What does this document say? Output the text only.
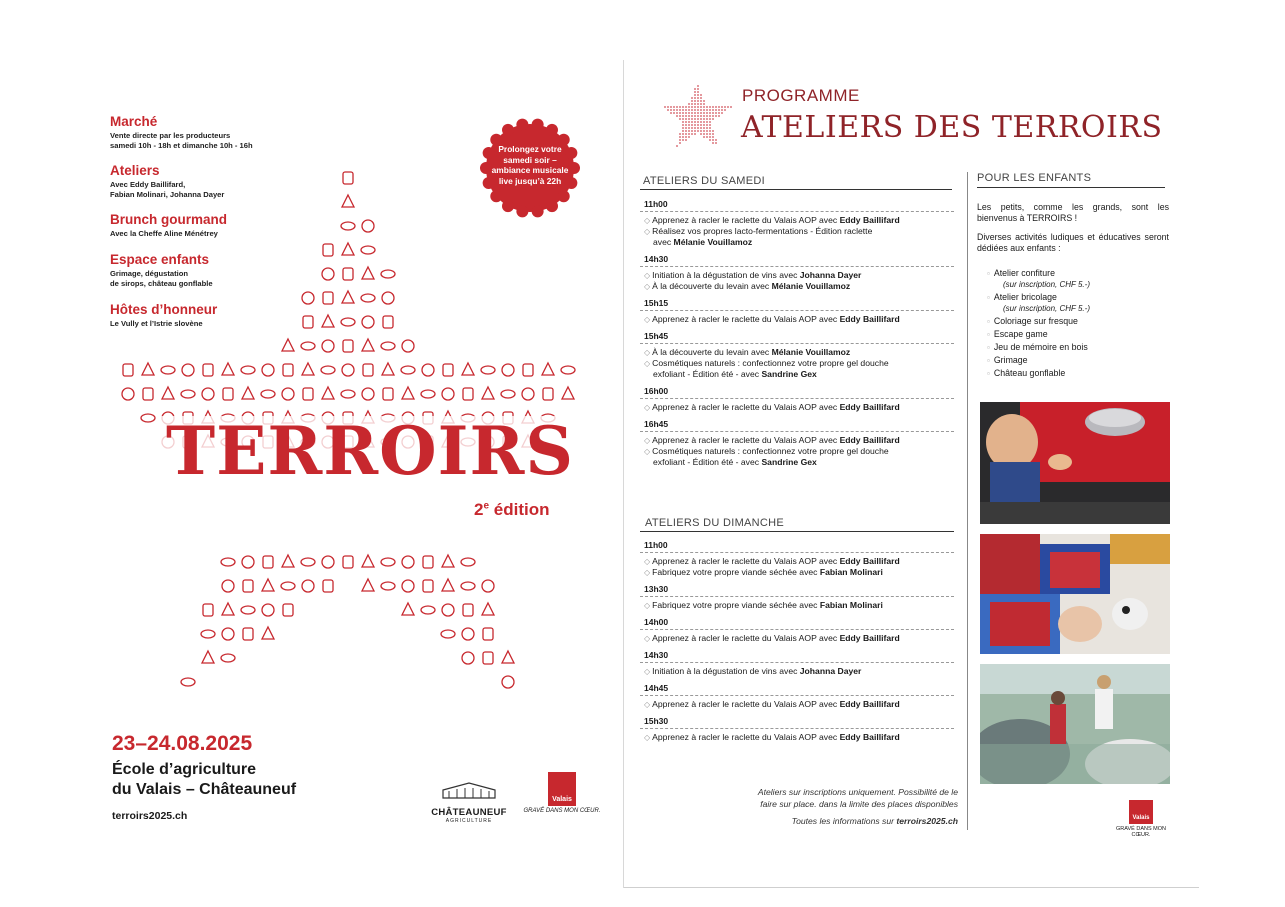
Marché

Vente directe par les producteurs
samedi 10h - 18h et dimanche 10h - 16h

Ateliers

Avec Eddy Baillifard,
Fabian Molinari, Johanna Dayer

Brunch gourmand

Avec la Cheffe Aline Ménétrey

Espace enfants

Grimage, dégustation
de sirops, château gonflable

Hôtes d’honneur

Le Vully et l’Istrie slovène

Prolongez votre
samedi soir –
ambiance musicale
live jusqu’à 22h
TERROIRS
2e édition
23–24.08.2025
École d’agriculture
du Valais – Châteauneuf
terroirs2025.ch	CHÂTEAUNEUF
AGRICULTURE
Valais
GRAVÉ DANS MON CŒUR.
PROGRAMME
ATELIERS DES TERROIRS
ATELIERS DU SAMEDI
11h00
◇ Apprenez à racler le raclette du Valais AOP avec Eddy Baillifard
◇ Réalisez vos propres lacto-fermentations - Édition raclette
avec Mélanie Vouillamoz
14h30
◇ Initiation à la dégustation de vins avec Johanna Dayer
◇ À la découverte du levain avec Mélanie Vouillamoz
15h15
◇ Apprenez à racler le raclette du Valais AOP avec Eddy Baillifard
15h45
◇ À la découverte du levain avec Mélanie Vouillamoz
◇ Cosmétiques naturels : confectionnez votre propre gel douche
exfoliant - Édition été - avec Sandrine Gex
16h00
◇ Apprenez à racler le raclette du Valais AOP avec Eddy Baillifard
16h45
◇ Apprenez à racler le raclette du Valais AOP avec Eddy Baillifard
◇ Cosmétiques naturels : confectionnez votre propre gel douche
exfoliant - Édition été - avec Sandrine Gex
ATELIERS DU DIMANCHE
11h00
◇ Apprenez à racler le raclette du Valais AOP avec Eddy Baillifard
◇ Fabriquez votre propre viande séchée avec Fabian Molinari
13h30
◇ Fabriquez votre propre viande séchée avec Fabian Molinari
14h00
◇ Apprenez à racler le raclette du Valais AOP avec Eddy Baillifard
14h30
◇ Initiation à la dégustation de vins avec Johanna Dayer
14h45
◇ Apprenez à racler le raclette du Valais AOP avec Eddy Baillifard
15h30
◇ Apprenez à racler le raclette du Valais AOP avec Eddy Baillifard
Ateliers sur inscriptions uniquement. Possibilité de le
faire sur place. dans la limite des places disponibles
Toutes les informations sur terroirs2025.ch
POUR LES ENFANTS
Les petits, comme les grands, sont les bienvenus à TERROIRS !
Diverses activités ludiques et éducatives seront dédiées aux enfants :
▫ Atelier confiture
(sur inscription, CHF 5.-)
▫ Atelier bricolage
(sur inscription, CHF 5.-)
▫ Coloriage sur fresque
▫ Escape game
▫ Jeu de mémoire en bois
▫ Grimage
▫ Château gonflable
Valais
GRAVÉ DANS MON CŒUR.
